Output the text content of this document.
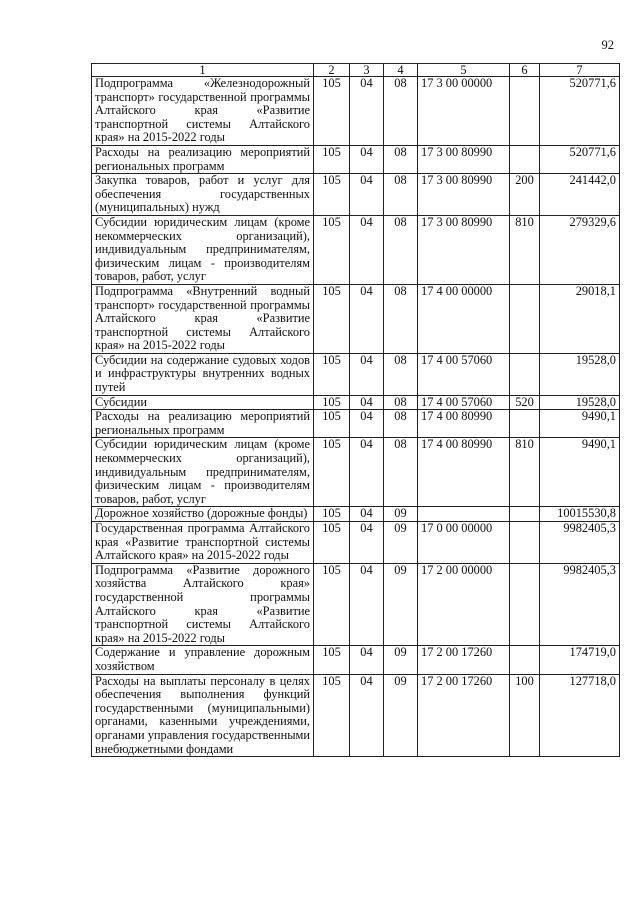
92
1	2	3	4	5	6	7
Подпрограмма «Железнодорожный транспорт» государственной программы Алтайского края «Развитие транспортной системы Алтайского края» на 2015-2022 годы	105	04	08	17 3 00 00000		520771,6
Расходы на реализацию мероприятий региональных программ	105	04	08	17 3 00 80990		520771,6
Закупка товаров, работ и услуг для обеспечения государственных (муниципальных) нужд	105	04	08	17 3 00 80990	200	241442,0
Субсидии юридическим лицам (кроме некоммерческих организаций), индивидуальным предпринимателям, физическим лицам - производителям товаров, работ, услуг	105	04	08	17 3 00 80990	810	279329,6
Подпрограмма «Внутренний водный транспорт» государственной программы Алтайского края «Развитие транспортной системы Алтайского края» на 2015-2022 годы	105	04	08	17 4 00 00000		29018,1
Субсидии на содержание судовых ходов и инфраструктуры внутренних водных путей	105	04	08	17 4 00 57060		19528,0
Субсидии	105	04	08	17 4 00 57060	520	19528,0
Расходы на реализацию мероприятий региональных программ	105	04	08	17 4 00 80990		9490,1
Субсидии юридическим лицам (кроме некоммерческих организаций), индивидуальным предпринимателям, физическим лицам - производителям товаров, работ, услуг	105	04	08	17 4 00 80990	810	9490,1
Дорожное хозяйство (дорожные фонды)	105	04	09			10015530,8
Государственная программа Алтайского края «Развитие транспортной системы Алтайского края» на 2015-2022 годы	105	04	09	17 0 00 00000		9982405,3
Подпрограмма «Развитие дорожного хозяйства Алтайского края» государственной программы Алтайского края «Развитие транспортной системы Алтайского края» на 2015-2022 годы	105	04	09	17 2 00 00000		9982405,3
Содержание и управление дорожным хозяйством	105	04	09	17 2 00 17260		174719,0
Расходы на выплаты персоналу в целях обеспечения выполнения функций государственными (муниципальными) органами, казенными учреждениями, органами управления государственными внебюджетными фондами	105	04	09	17 2 00 17260	100	127718,0
